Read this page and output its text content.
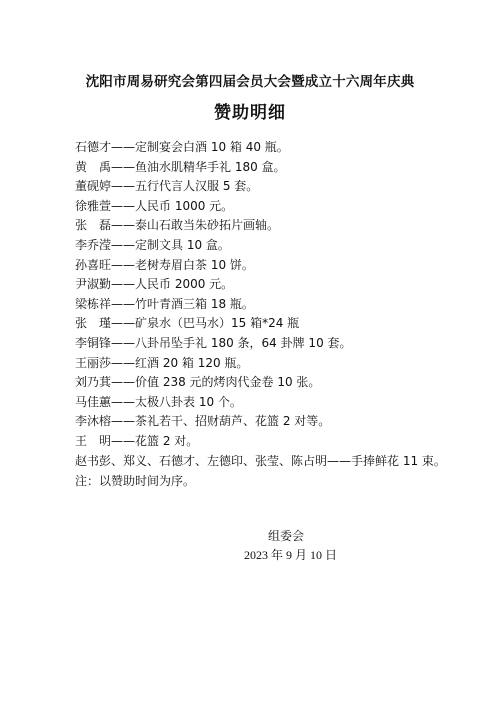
沈阳市周易研究会第四届会员大会暨成立十六周年庆典
赞助明细
石德才——定制宴会白酒 10 箱 40 瓶。
黄　禹——鱼油水肌精华手礼 180 盒。
董砚婷——五行代言人汉服 5 套。
徐雅萱——人民币 1000 元。
张　磊——泰山石敢当朱砂拓片画轴。
李乔滢——定制文具 10 盒。
孙喜旺——老树寿眉白茶 10 饼。
尹淑勤——人民币 2000 元。
梁栋祥——竹叶青酒三箱 18 瓶。
张　瑾——矿泉水（巴马水）15 箱*24 瓶
李铜锋——八卦吊坠手礼 180 条，64 卦牌 10 套。
王丽莎——红酒 20 箱 120 瓶。
刘乃萁——价值 238 元的烤肉代金卷 10 张。
马佳蕙——太极八卦表 10 个。
李沐榕——茶礼若干、招财葫芦、花篮 2 对等。
王　明——花篮 2 对。
赵书彭、郑义、石德才、左德印、张莹、陈占明——手捧鲜花 11 束。
注：以赞助时间为序。
组委会
2023 年 9 月 10 日
